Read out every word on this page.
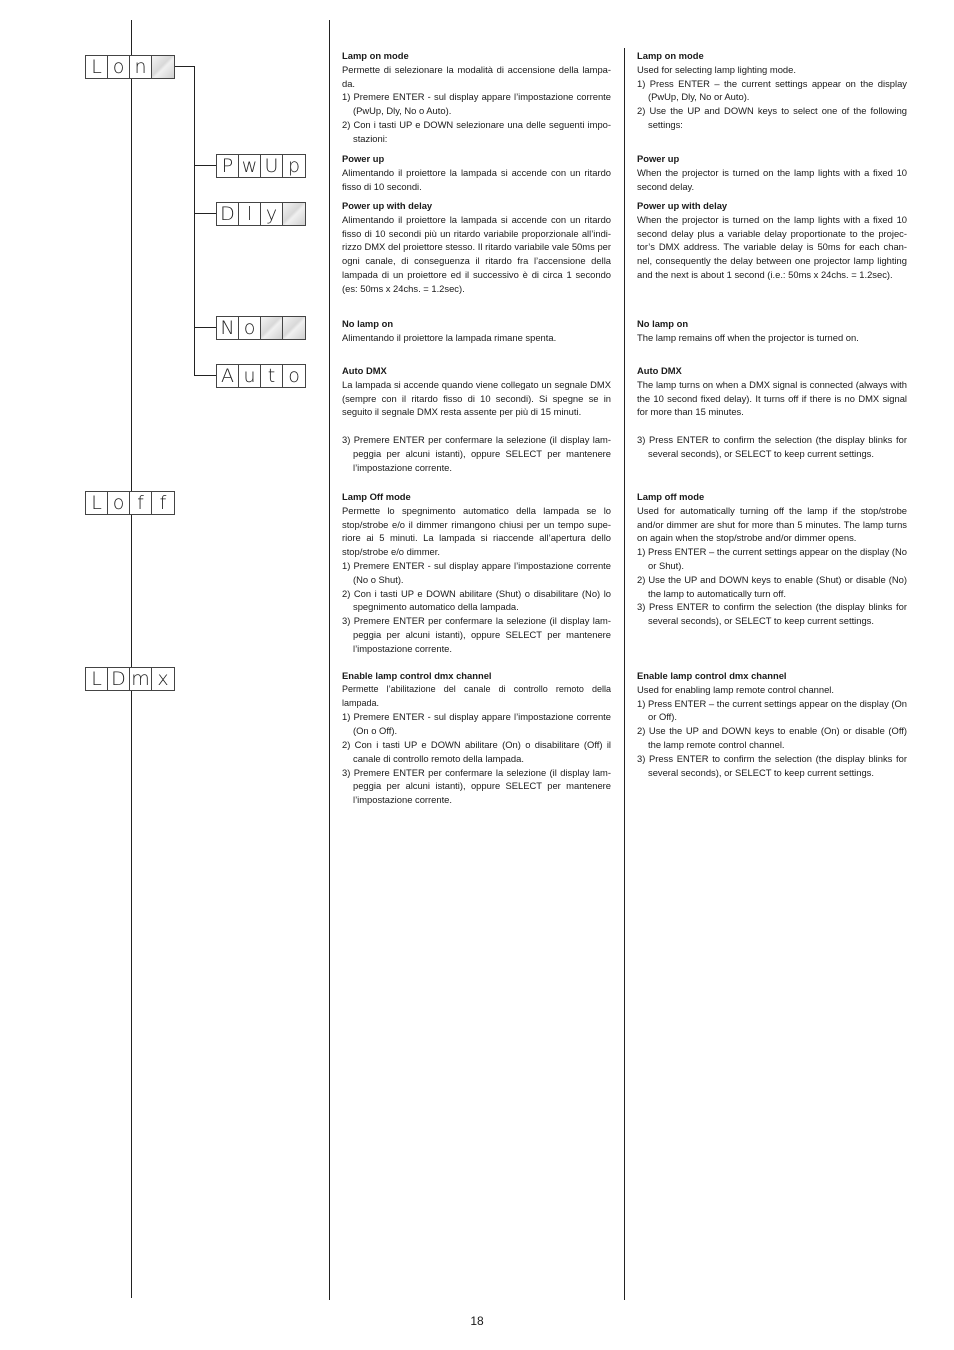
L o n
P w U p
D l y
N o
A u t o
L o f f
L D m x

Lamp on mode

Permette di selezionare la modalità di accensione della lampa-da.

1) Premere ENTER - sul display appare l’impostazione corrente (PwUp, Dly, No o Auto).

2) Con i tasti UP e DOWN selezionare una delle seguenti impo-stazioni:

Power up

Alimentando il proiettore la lampada si accende con un ritardo fisso di 10 secondi.

Power up with delay

Alimentando il proiettore la lampada si accende con un ritardo fisso di 10 secondi più un ritardo variabile proporzionale all’indi-rizzo DMX del proiettore stesso. Il ritardo variabile vale 50ms per ogni canale, di conseguenza il ritardo fra l’accensione della lampada di un proiettore ed il successivo è di circa 1 secondo (es: 50ms x 24chs. = 1.2sec).

No lamp on

Alimentando il proiettore la lampada rimane spenta.

Auto DMX

La lampada si accende quando viene collegato un segnale DMX (sempre con il ritardo fisso di 10 secondi). Si spegne se in seguito il segnale DMX resta assente per più di 15 minuti.

3) Premere ENTER per confermare la selezione (il display lam-peggia per alcuni istanti), oppure SELECT per mantenere l’impostazione corrente.

Lamp Off mode

Permette lo spegnimento automatico della lampada se lo stop/strobe e/o il dimmer rimangono chiusi per un tempo supe-riore ai 5 minuti. La lampada si riaccende all’apertura dello stop/strobe e/o dimmer.

1) Premere ENTER - sul display appare l’impostazione corrente (No o Shut).

2) Con i tasti UP e DOWN abilitare (Shut) o disabilitare (No) lo spegnimento automatico della lampada.

3) Premere ENTER per confermare la selezione (il display lam-peggia per alcuni istanti), oppure SELECT per mantenere l’impostazione corrente.

Enable lamp control dmx channel

Permette l’abilitazione del canale di controllo remoto della lampada.

1) Premere ENTER - sul display appare l’impostazione corrente (On o Off).

2) Con i tasti UP e DOWN abilitare (On) o disabilitare (Off) il canale di controllo remoto della lampada.

3) Premere ENTER per confermare la selezione (il display lam-peggia per alcuni istanti), oppure SELECT per mantenere l’impostazione corrente.

Lamp on mode

Used for selecting lamp lighting mode.

1) Press ENTER – the current settings appear on the display (PwUp, Dly, No or Auto).

2) Use the UP and DOWN keys to select one of the following settings:

Power up

When the projector is turned on the lamp lights with a fixed 10 second delay.

Power up with delay

When the projector is turned on the lamp lights with a fixed 10 second delay plus a variable delay proportionate to the projec-tor’s DMX address. The variable delay is 50ms for each chan-nel, consequently the delay between one projector lamp lighting and the next is about 1 second (i.e.: 50ms x 24chs. = 1.2sec).

No lamp on

The lamp remains off when the projector is turned on.

Auto DMX

The lamp turns on when a DMX signal is connected (always with the 10 second fixed delay). It turns off if there is no DMX signal for more than 15 minutes.

3) Press ENTER to confirm the selection (the display blinks for several seconds), or SELECT to keep current settings.

Lamp off mode

Used for automatically turning off the lamp if the stop/strobe and/or dimmer are shut for more than 5 minutes. The lamp turns on again when the stop/strobe and/or dimmer opens.

1) Press ENTER – the current settings appear on the display (No or Shut).

2) Use the UP and DOWN keys to enable (Shut) or disable (No) the lamp to automatically turn off.

3) Press ENTER to confirm the selection (the display blinks for several seconds), or SELECT to keep current settings.

Enable lamp control dmx channel

Used for enabling lamp remote control channel.

1) Press ENTER – the current settings appear on the display (On or Off).

2) Use the UP and DOWN keys to enable (On) or disable (Off) the lamp remote control channel.

3) Press ENTER to confirm the selection (the display blinks for several seconds), or SELECT to keep current settings.

18
